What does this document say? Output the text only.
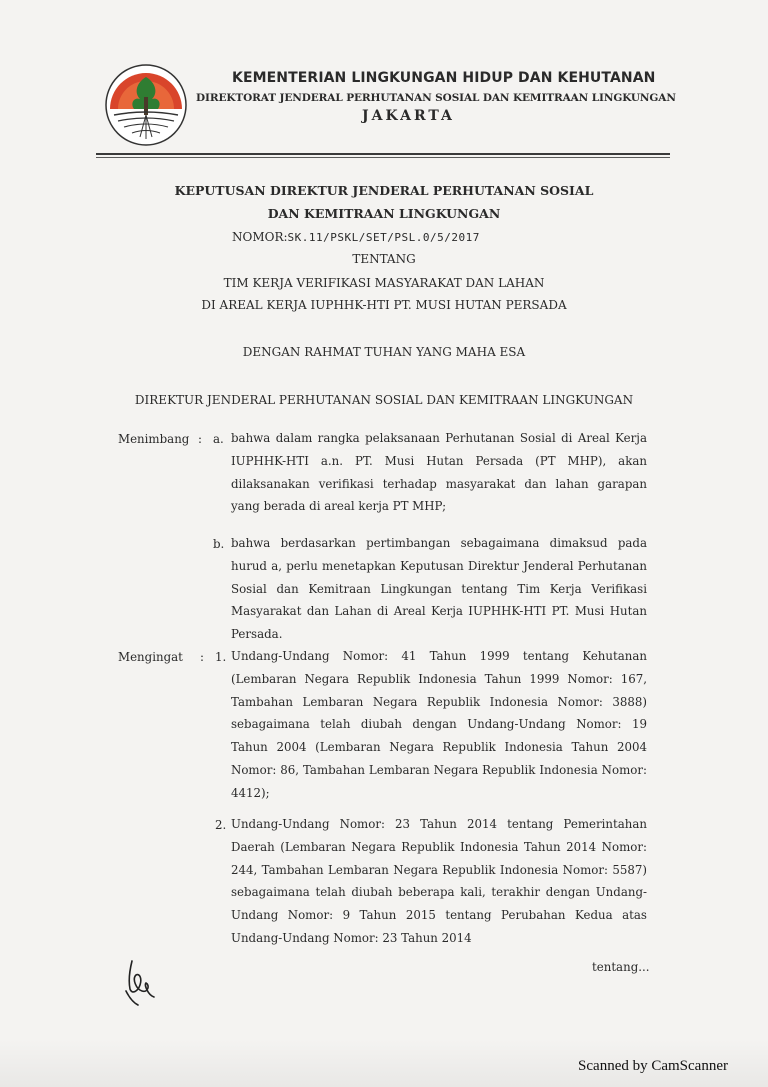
KEMENTERIAN LINGKUNGAN HIDUP DAN KEHUTANAN
DIREKTORAT JENDERAL PERHUTANAN SOSIAL DAN KEMITRAAN LINGKUNGAN
JAKARTA
KEPUTUSAN DIREKTUR JENDERAL PERHUTANAN SOSIAL
DAN KEMITRAAN LINGKUNGAN
NOMOR:SK.11/PSKL/SET/PSL.0/5/2017
TENTANG
TIM KERJA VERIFIKASI MASYARAKAT DAN LAHAN
DI AREAL KERJA IUPHHK-HTI PT. MUSI HUTAN PERSADA
DENGAN RAHMAT TUHAN YANG MAHA ESA
DIREKTUR JENDERAL PERHUTANAN SOSIAL DAN KEMITRAAN LINGKUNGAN
Menimbang : a. bahwa dalam rangka pelaksanaan Perhutanan Sosial di Areal Kerja IUPHHK-HTI a.n. PT. Musi Hutan Persada (PT MHP), akan dilaksanakan verifikasi terhadap masyarakat dan lahan garapan yang berada di areal kerja PT MHP;
b. bahwa berdasarkan pertimbangan sebagaimana dimaksud pada hurud a, perlu menetapkan Keputusan Direktur Jenderal Perhutanan Sosial dan Kemitraan Lingkungan tentang Tim Kerja Verifikasi Masyarakat dan Lahan di Areal Kerja IUPHHK-HTI PT. Musi Hutan Persada.
Mengingat : 1. Undang-Undang Nomor: 41 Tahun 1999 tentang Kehutanan (Lembaran Negara Republik Indonesia Tahun 1999 Nomor: 167, Tambahan Lembaran Negara Republik Indonesia Nomor: 3888) sebagaimana telah diubah dengan Undang-Undang Nomor: 19 Tahun 2004 (Lembaran Negara Republik Indonesia Tahun 2004 Nomor: 86, Tambahan Lembaran Negara Republik Indonesia Nomor: 4412);
2. Undang-Undang Nomor: 23 Tahun 2014 tentang Pemerintahan Daerah (Lembaran Negara Republik Indonesia Tahun 2014 Nomor: 244, Tambahan Lembaran Negara Republik Indonesia Nomor: 5587) sebagaimana telah diubah beberapa kali, terakhir dengan Undang-Undang Nomor: 9 Tahun 2015 tentang Perubahan Kedua atas Undang-Undang Nomor: 23 Tahun 2014
tentang...
Scanned by CamScanner
